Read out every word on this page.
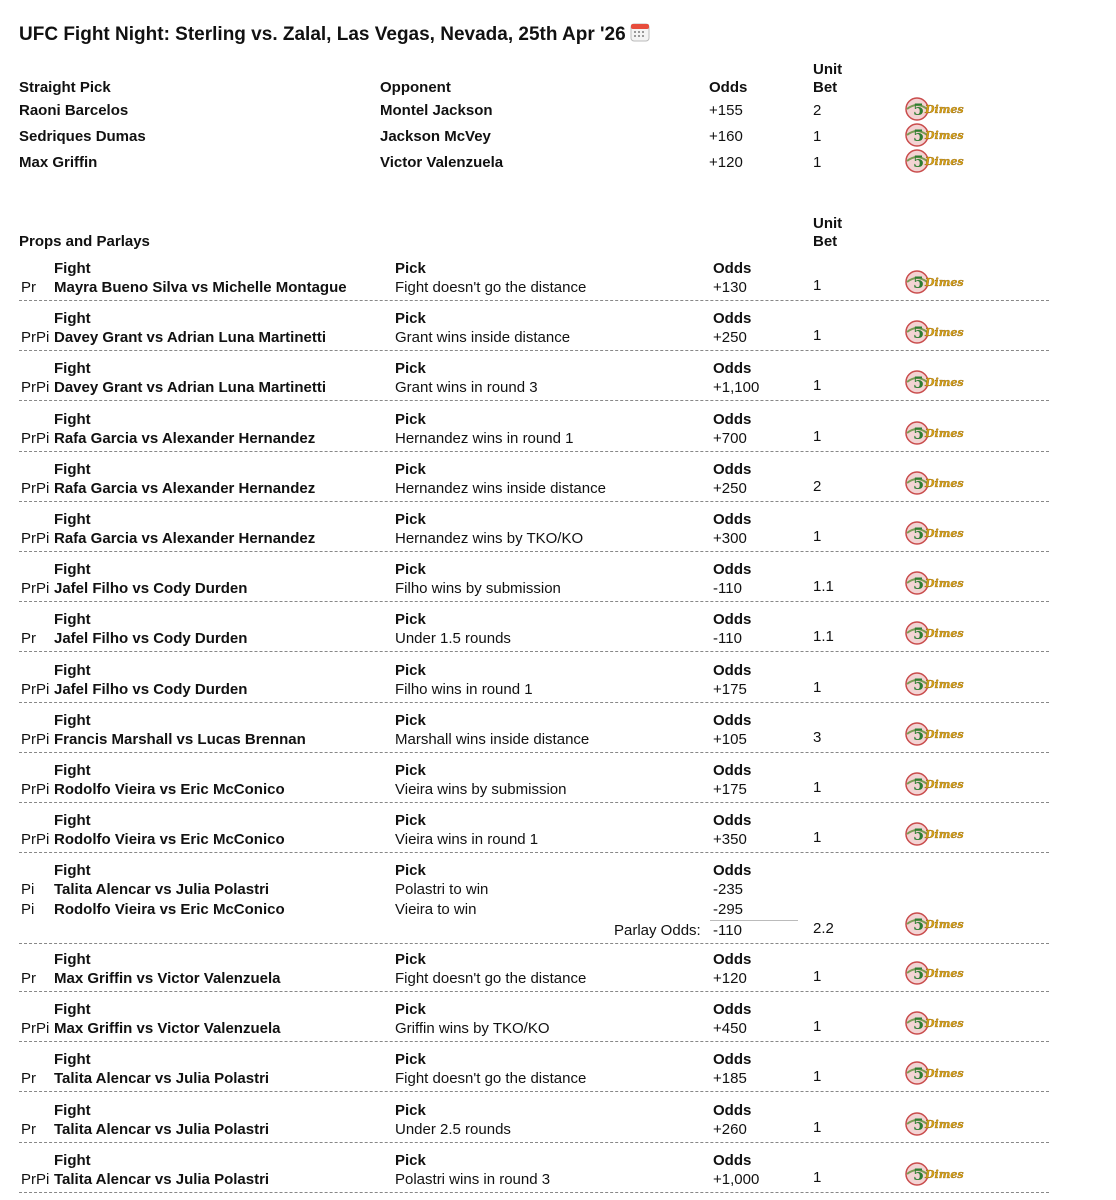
UFC Fight Night: Sterling vs. Zalal, Las Vegas, Nevada, 25th Apr '26
Straight Pick	Opponent	Odds
Unit
Bet
Raoni Barcelos	Montel Jackson	+155	2	5 Dimes
Sedriques Dumas	Jackson McVey	+160	1	5 Dimes
Max Griffin	Victor Valenzuela	+120	1	5 Dimes
Props and Parlays
Unit
Bet
Fight	Pick	Odds
Pr Mayra Bueno Silva vs Michelle Montague	Fight doesn't go the distance	+130	1	5 Dimes
Fight	Pick	Odds
PrPi Davey Grant vs Adrian Luna Martinetti	Grant wins inside distance	+250	1	5 Dimes
Fight	Pick	Odds
PrPi Davey Grant vs Adrian Luna Martinetti	Grant wins in round 3	+1,100	1	5 Dimes
Fight	Pick	Odds
PrPi Rafa Garcia vs Alexander Hernandez	Hernandez wins in round 1	+700	1	5 Dimes
Fight	Pick	Odds
PrPi Rafa Garcia vs Alexander Hernandez	Hernandez wins inside distance	+250	2	5 Dimes
Fight	Pick	Odds
PrPi Rafa Garcia vs Alexander Hernandez	Hernandez wins by TKO/KO	+300	1	5 Dimes
Fight	Pick	Odds
PrPi Jafel Filho vs Cody Durden	Filho wins by submission	-110	1.1	5 Dimes
Fight	Pick	Odds
Pr Jafel Filho vs Cody Durden	Under 1.5 rounds	-110	1.1	5 Dimes
Fight	Pick	Odds
PrPi Jafel Filho vs Cody Durden	Filho wins in round 1	+175	1	5 Dimes
Fight	Pick	Odds
PrPi Francis Marshall vs Lucas Brennan	Marshall wins inside distance	+105	3	5 Dimes
Fight	Pick	Odds
PrPi Rodolfo Vieira vs Eric McConico	Vieira wins by submission	+175	1	5 Dimes
Fight	Pick	Odds
PrPi Rodolfo Vieira vs Eric McConico	Vieira wins in round 1	+350	1	5 Dimes
Fight	Pick	Odds
Pi Talita Alencar vs Julia Polastri	Polastri to win	-235
Pi Rodolfo Vieira vs Eric McConico	Vieira to win	-295
Parlay Odds: -110	2.2	5 Dimes
Fight	Pick	Odds
Pr Max Griffin vs Victor Valenzuela	Fight doesn't go the distance	+120	1	5 Dimes
Fight	Pick	Odds
PrPi Max Griffin vs Victor Valenzuela	Griffin wins by TKO/KO	+450	1	5 Dimes
Fight	Pick	Odds
Pr Talita Alencar vs Julia Polastri	Fight doesn't go the distance	+185	1	5 Dimes
Fight	Pick	Odds
Pr Talita Alencar vs Julia Polastri	Under 2.5 rounds	+260	1	5 Dimes
Fight	Pick	Odds
PrPi Talita Alencar vs Julia Polastri	Polastri wins in round 3	+1,000	1	5 Dimes
